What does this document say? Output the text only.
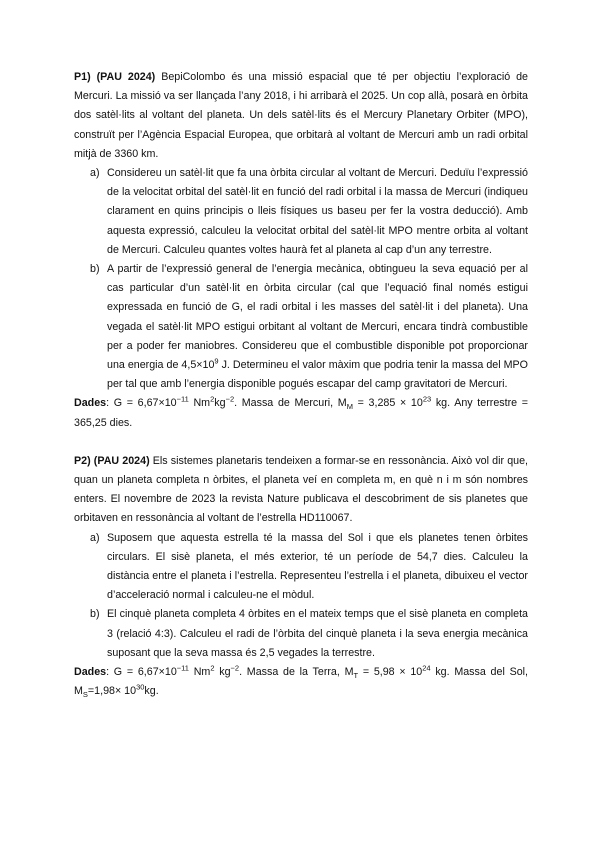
P1) (PAU 2024) BepiColombo és una missió espacial que té per objectiu l’exploració de Mercuri. La missió va ser llançada l’any 2018, i hi arribarà el 2025. Un cop allà, posarà en òrbita dos satèl·lits al voltant del planeta. Un dels satèl·lits és el Mercury Planetary Orbiter (MPO), construït per l’Agència Espacial Europea, que orbitarà al voltant de Mercuri amb un radi orbital mitjà de 3360 km.

a) Considereu un satèl·lit que fa una òrbita circular al voltant de Mercuri. Deduïu l’expressió de la velocitat orbital del satèl·lit en funció del radi orbital i la massa de Mercuri (indiqueu clarament en quins principis o lleis físiques us baseu per fer la vostra deducció). Amb aquesta expressió, calculeu la velocitat orbital del satèl·lit MPO mentre orbita al voltant de Mercuri. Calculeu quantes voltes haurà fet al planeta al cap d’un any terrestre.
b) A partir de l’expressió general de l’energia mecànica, obtingueu la seva equació per al cas particular d’un satèl·lit en òrbita circular (cal que l’equació final només estigui expressada en funció de G, el radi orbital i les masses del satèl·lit i del planeta). Una vegada el satèl·lit MPO estigui orbitant al voltant de Mercuri, encara tindrà combustible per a poder fer maniobres. Considereu que el combustible disponible pot proporcionar una energia de $4,5\times 10^9$ J. Determineu el valor màxim que podria tenir la massa del MPO per tal que amb l’energia disponible pogués escapar del camp gravitatori de Mercuri.

Dades: $G = 6,67\times 10^{-11}$ $Nm^2kg^{-2}$. Massa de Mercuri, $M_M = 3,285 \times 10^{23}$ kg. Any terrestre = 365,25 dies.

P2) (PAU 2024) Els sistemes planetaris tendeixen a formar-se en ressonància. Això vol dir que, quan un planeta completa n òrbites, el planeta veí en completa m, en què n i m són nombres enters. El novembre de 2023 la revista Nature publicava el descobriment de sis planetes que orbitaven en ressonància al voltant de l’estrella HD110067.

a) Suposem que aquesta estrella té la massa del Sol i que els planetes tenen òrbites circulars. El sisè planeta, el més exterior, té un període de 54,7 dies. Calculeu la distància entre el planeta i l’estrella. Representeu l’estrella i el planeta, dibuixeu el vector d’acceleració normal i calculeu-ne el mòdul.
b) El cinquè planeta completa 4 òrbites en el mateix temps que el sisè planeta en completa 3 (relació 4:3). Calculeu el radi de l’òrbita del cinquè planeta i la seva energia mecànica suposant que la seva massa és 2,5 vegades la terrestre.

Dades: $G = 6,67\times 10^{-11}$ Nm$^2$ $kg^{-2}$. Massa de la Terra, $M_T = 5,98 \times 10^{24}$ kg. Massa del Sol, $M_S=1,98\times 10^{30}kg$.
